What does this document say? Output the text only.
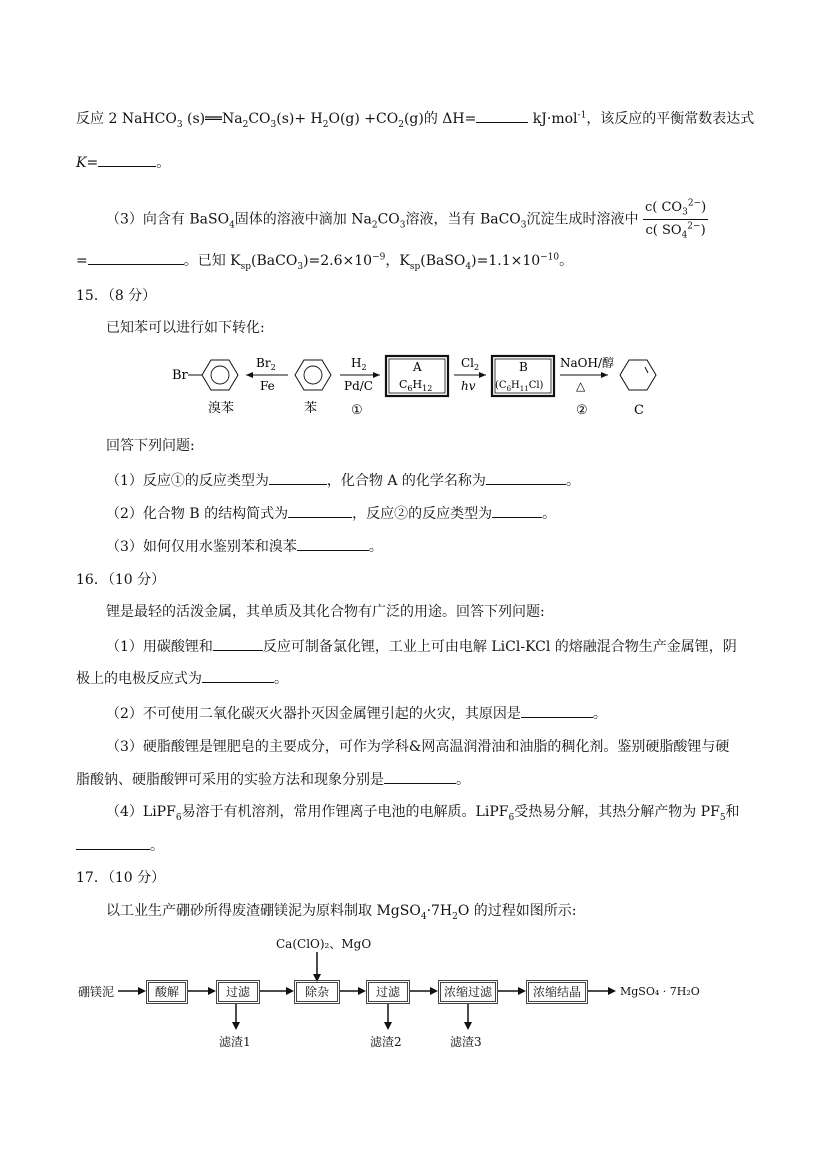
反应 2 NaHCO$_3$ $(s)══Na_2CO_3(s)+ H_2O(g) +CO_2(g)$的 ΔH=	kJ·mol$^{-1}$，该反应的平衡常数表达式
K=	。
（3）向含有 BaSO$_4$固体的溶液中滴加 $Na_2CO_3$溶液，当有 BaCO$_3$沉淀生成时溶液中 $\frac{c( CO_3^{2-})}{c( SO_4^{2-})}$
=	。已知 $K_{sp}(BaCO_3)=2.6\times 10^{-9}$，$K_{sp}(BaSO_4)=1.1\times 10^{-10}$。
15．（8 分）
已知苯可以进行如下转化:
Br
溴苯
$Br_2$
Fe
苯
$H_2$
Pd/C
①
A
$C_6H_{12}$
$Cl_2$
hv
B
$(C_6H_{11}Cl)$
NaOH/醇
△
②	C
回答下列问题:
（1）反应①的反应类型为	，化合物 A 的化学名称为	。
（2）化合物 B 的结构简式为	，反应②的反应类型为	。
（3）如何仅用水鉴别苯和溴苯	。
16．（10 分）
锂是最轻的活泼金属，其单质及其化合物有广泛的用途。回答下列问题:
（1）用碳酸锂和	反应可制备氯化锂，工业上可由电解 LiCl-KCl 的熔融混合物生产金属锂，阴
极上的电极反应式为	。
（2）不可使用二氧化碳灭火器扑灭因金属锂引起的火灾，其原因是	。
（3）硬脂酸锂是锂肥皂的主要成分，可作为学科&网高温润滑油和油脂的稠化剂。鉴别硬脂酸锂与硬
脂酸钠、硬脂酸钾可采用的实验方法和现象分别是	。
（4）LiPF$_6$易溶于有机溶剂，常用作锂离子电池的电解质。LiPF$_6$受热易分解，其热分解产物为 $PF_5$和
。
17．（10 分）
以工业生产硼砂所得废渣硼镁泥为原料制取 $MgSO_4\cdot 7H_2O$ 的过程如图所示:
Ca(ClO)₂、MgO
硼镁泥	酸解	过滤	除杂	过滤	浓缩过滤	浓缩结晶	MgSO₄ · 7H₂O
滤渣1	滤渣2	滤渣3
